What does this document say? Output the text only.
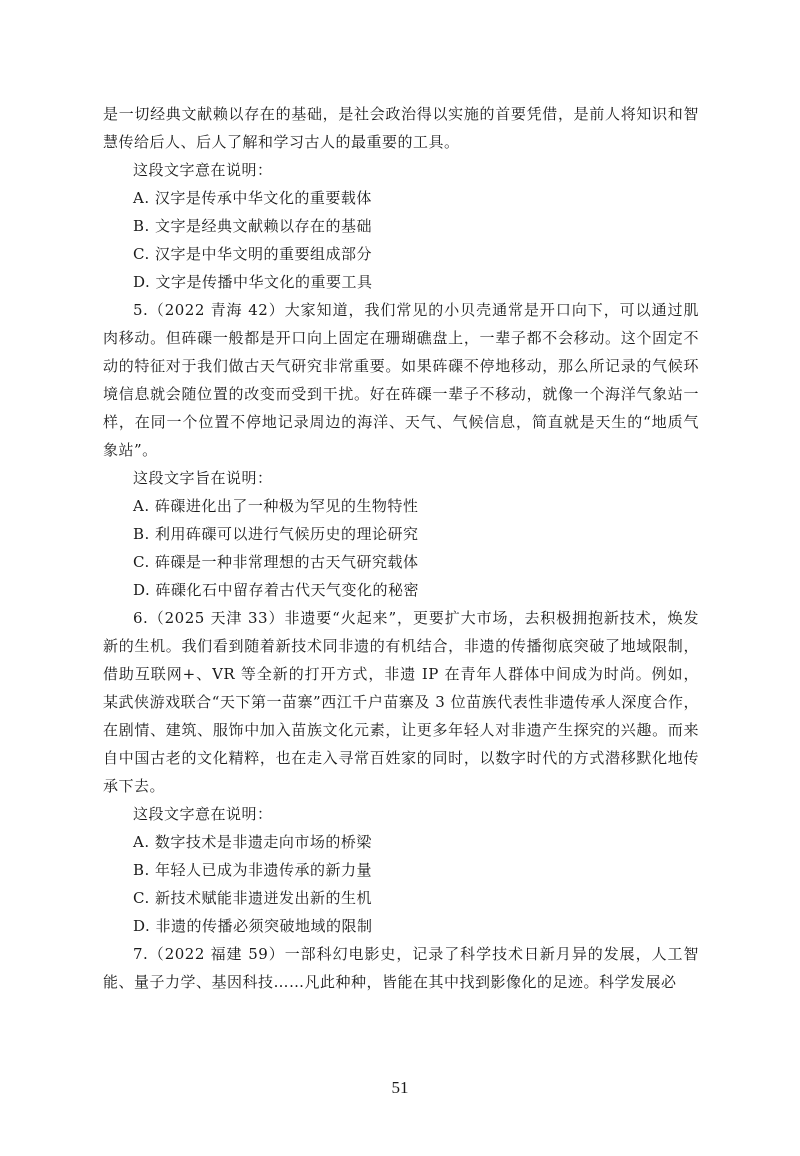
是一切经典文献赖以存在的基础，是社会政治得以实施的首要凭借，是前人将知识和智慧传给后人、后人了解和学习古人的最重要的工具。

这段文字意在说明：

A. 汉字是传承中华文化的重要载体

B. 文字是经典文献赖以存在的基础

C. 汉字是中华文明的重要组成部分

D. 文字是传播中华文化的重要工具

5.（2022 青海 42）大家知道，我们常见的小贝壳通常是开口向下，可以通过肌肉移动。但砗磲一般都是开口向上固定在珊瑚礁盘上，一辈子都不会移动。这个固定不动的特征对于我们做古天气研究非常重要。如果砗磲不停地移动，那么所记录的气候环境信息就会随位置的改变而受到干扰。好在砗磲一辈子不移动，就像一个海洋气象站一样，在同一个位置不停地记录周边的海洋、天气、气候信息，简直就是天生的“地质气象站”。

这段文字旨在说明：

A. 砗磲进化出了一种极为罕见的生物特性

B. 利用砗磲可以进行气候历史的理论研究

C. 砗磲是一种非常理想的古天气研究载体

D. 砗磲化石中留存着古代天气变化的秘密

6.（2025 天津 33）非遗要“火起来”，更要扩大市场，去积极拥抱新技术，焕发新的生机。我们看到随着新技术同非遗的有机结合，非遗的传播彻底突破了地域限制，借助互联网+、VR 等全新的打开方式，非遗 IP 在青年人群体中间成为时尚。例如，某武侠游戏联合“天下第一苗寨”西江千户苗寨及 3 位苗族代表性非遗传承人深度合作，在剧情、建筑、服饰中加入苗族文化元素，让更多年轻人对非遗产生探究的兴趣。而来自中国古老的文化精粹，也在走入寻常百姓家的同时，以数字时代的方式潜移默化地传承下去。

这段文字意在说明：

A. 数字技术是非遗走向市场的桥梁

B. 年轻人已成为非遗传承的新力量

C. 新技术赋能非遗迸发出新的生机

D. 非遗的传播必须突破地域的限制

7.（2022 福建 59）一部科幻电影史，记录了科学技术日新月异的发展，人工智能、量子力学、基因科技……凡此种种，皆能在其中找到影像化的足迹。科学发展必

51
